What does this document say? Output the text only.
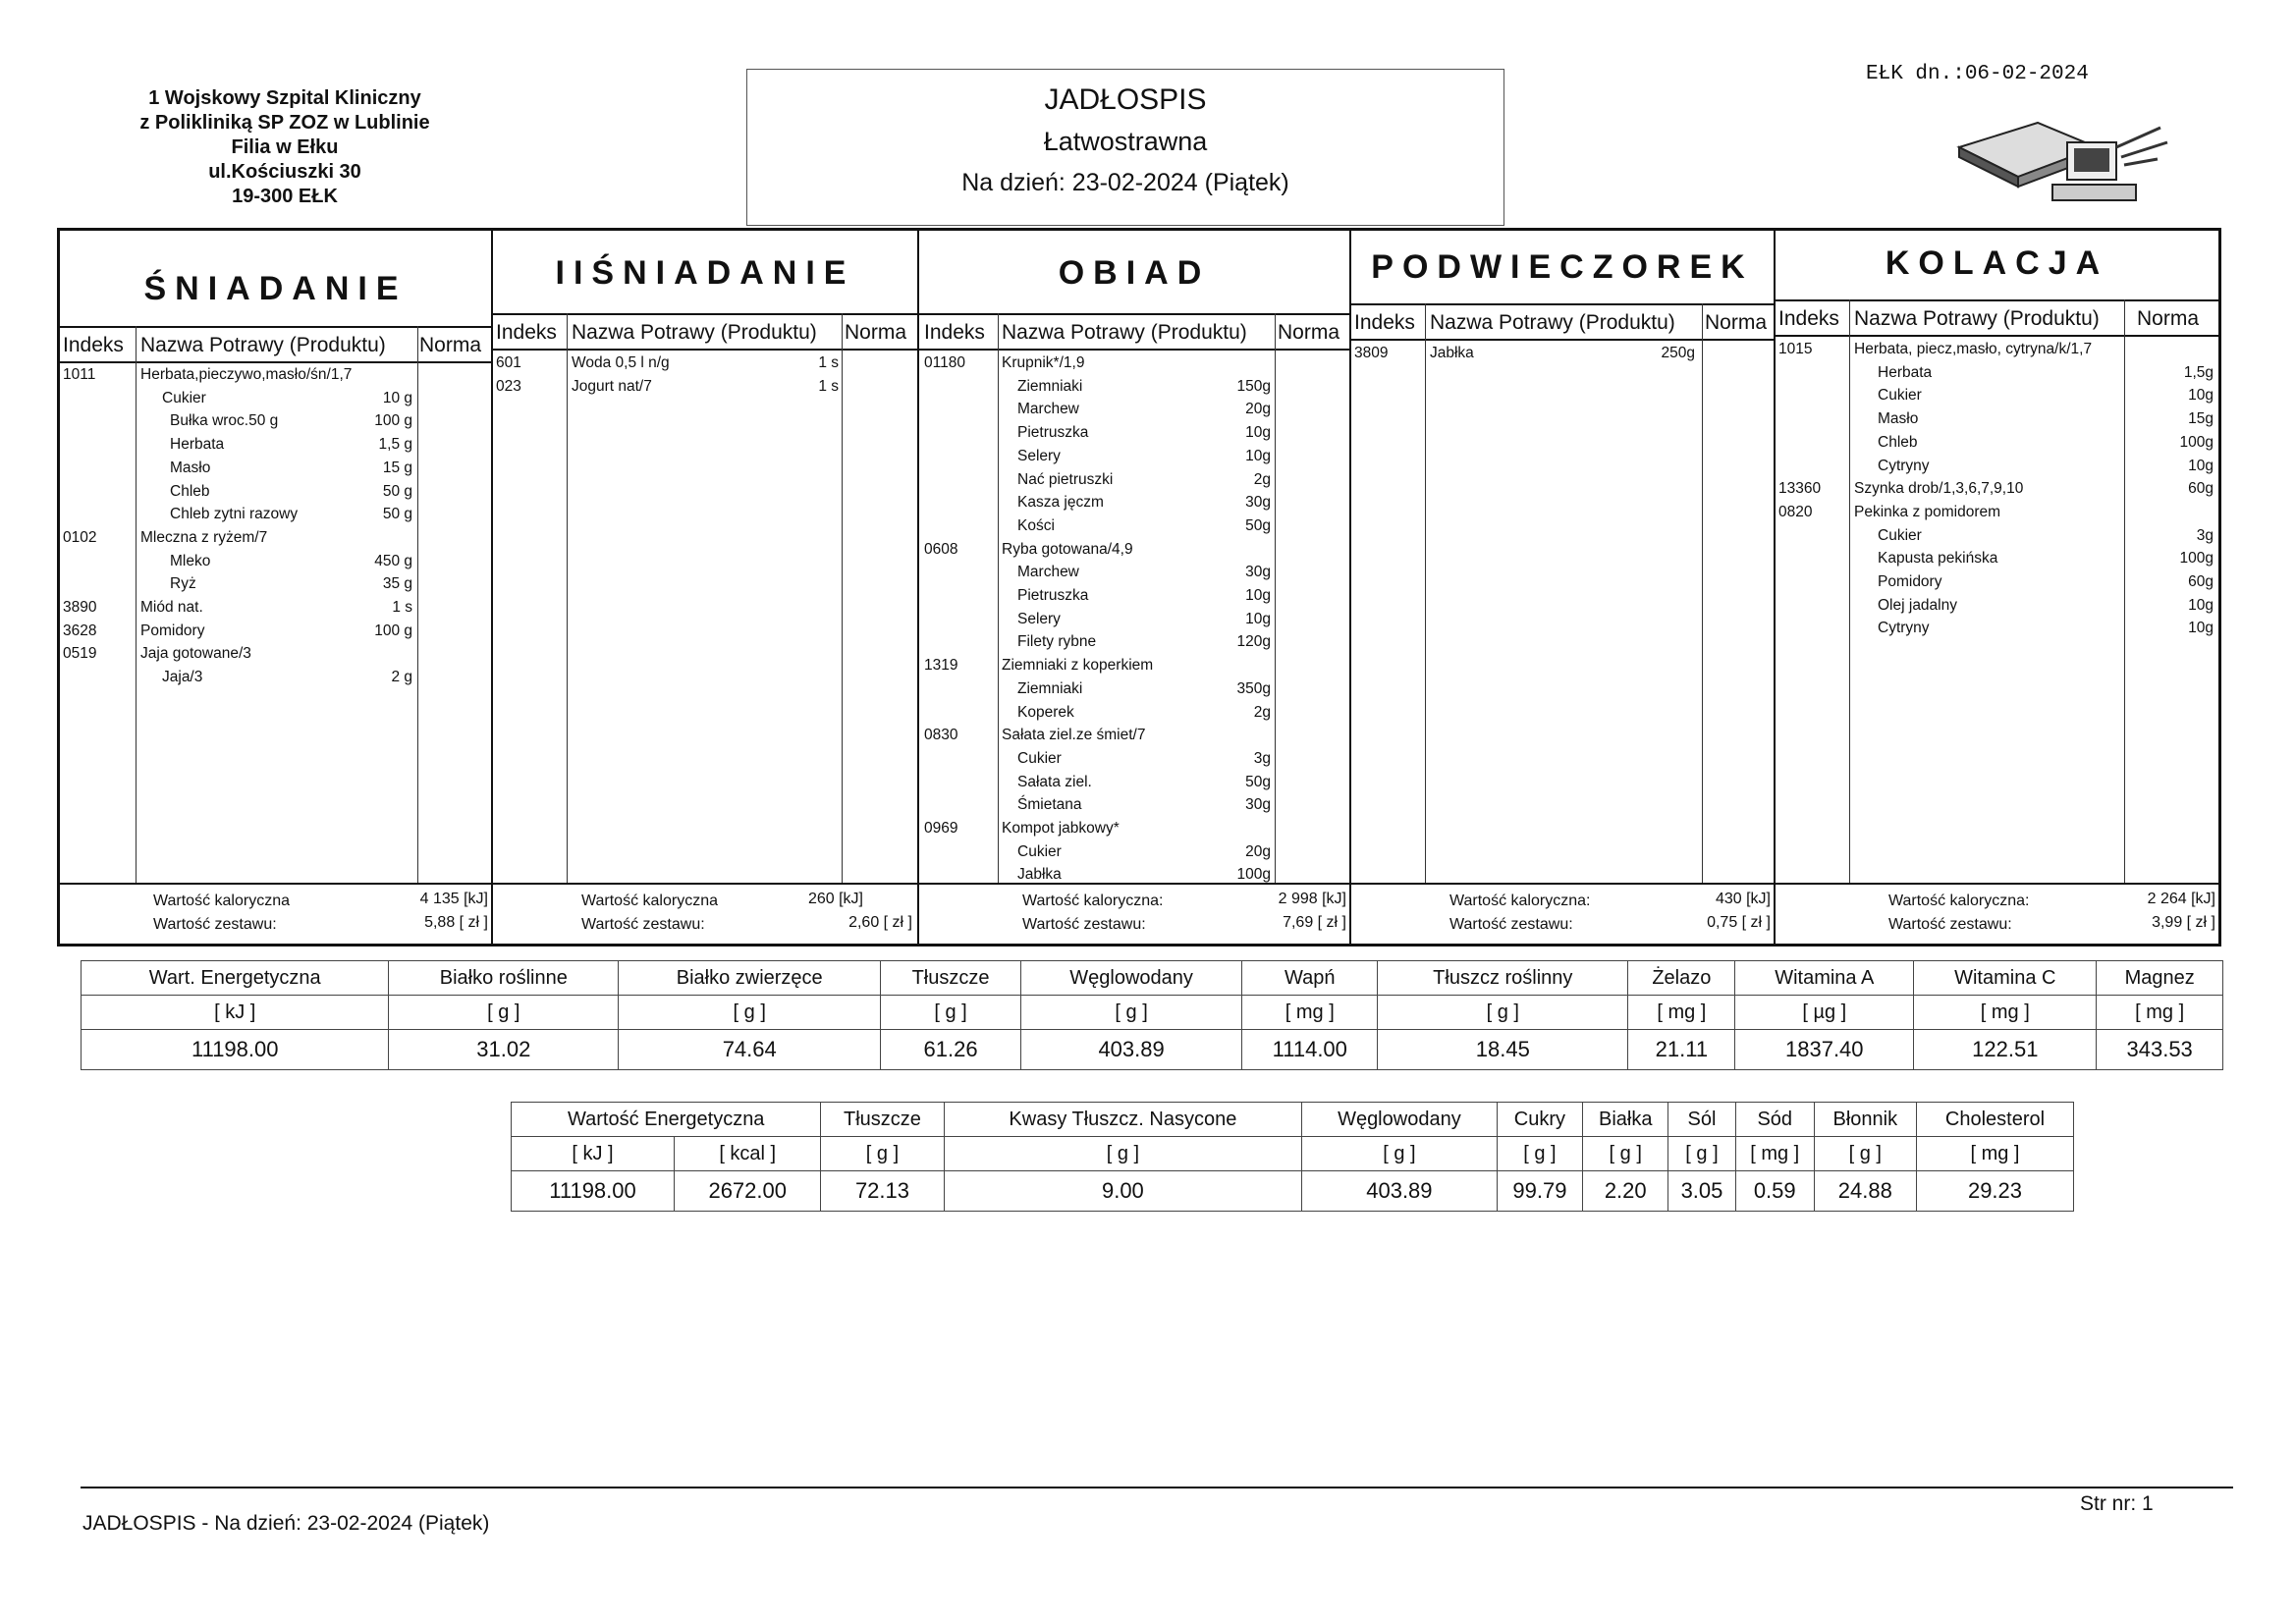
1 Wojskowy Szpital Kliniczny
z Polikliniką SP ZOZ w Lublinie
Filia w Ełku
ul.Kościuszki 30
19-300 EŁK
JADŁOSPIS
Łatwostrawna
Na dzień: 23-02-2024 (Piątek)
EŁK dn.:06-02-2024
ŚNIADANIE
Indeks Nazwa Potrawy (Produktu) Norma
1011	Herbata,pieczywo,masło/śn/1,7
Cukier	10 g
Bułka wroc.50 g	100 g
Herbata	1,5 g
Masło	15 g
Chleb	50 g
Chleb zytni razowy	50 g
0102	Mleczna z ryżem/7
Mleko	450 g
Ryż	35 g
3890	Miód nat.	1 s
3628	Pomidory	100 g
0519	Jaja gotowane/3
Jaja/3	2 g
Wartość kaloryczna	4 135 [kJ]
Wartość zestawu:	5,88 [ zł ]
IIŚNIADANIE
Indeks Nazwa Potrawy (Produktu) Norma
601	Woda 0,5 l n/g	1 s
023	Jogurt nat/7	1 s
Wartość kaloryczna	260 [kJ]
Wartość zestawu:	2,60 [ zł ]
OBIAD
Indeks Nazwa Potrawy (Produktu) Norma
01180 Krupnik*/1,9
Ziemniaki	150g
Marchew	20g
Pietruszka	10g
Selery	10g
Nać pietruszki	2g
Kasza jęczm	30g
Kości	50g
0608	Ryba gotowana/4,9
Marchew	30g
Pietruszka	10g
Selery	10g
Filety rybne	120g
1319	Ziemniaki z koperkiem
Ziemniaki	350g
Koperek	2g
0830	Sałata ziel.ze śmiet/7
Cukier	3g
Sałata ziel.	50g
Śmietana	30g
0969	Kompot jabkowy*
Cukier	20g
Jabłka	100g
Wartość kaloryczna:	2 998 [kJ]
Wartość zestawu:	7,69 [ zł ]
PODWIECZOREK
Indeks Nazwa Potrawy (Produktu) Norma
3809	Jabłka	250g
Wartość kaloryczna:	430 [kJ]
Wartość zestawu:	0,75 [ zł ]
KOLACJA
Indeks Nazwa Potrawy (Produktu) Norma
1015	Herbata, piecz,masło, cytryna/k/1,7
Herbata	1,5g
Cukier	10g
Masło	15g
Chleb	100g
Cytryny	10g
13360 Szynka drob/1,3,6,7,9,10	60g
0820	Pekinka z pomidorem
Cukier	3g
Kapusta pekińska	100g
Pomidory	60g
Olej jadalny	10g
Cytryny	10g
Wartość kaloryczna:	2 264 [kJ]
Wartość zestawu:	3,99 [ zł ]
Wart. Energetyczna	Białko roślinne	Białko zwierzęce	Tłuszcze	Węglowodany	Wapń	Tłuszcz roślinny	Żelazo	Witamina A	Witamina C	Magnez
[ kJ ]	[ g ]	[ g ]	[ g ]	[ g ]	[ mg ]	[ g ]	[ mg ]	[ µg ]	[ mg ]	[ mg ]
11198.00	31.02	74.64	61.26	403.89	1114.00	18.45	21.11	1837.40	122.51	343.53
Wartość Energetyczna		Tłuszcze	Kwasy Tłuszcz. Nasycone	Węglowodany	Cukry	Białka	Sól	Sód	Błonnik	Cholesterol
[ kJ ]	[ kcal ]	[ g ]	[ g ]	[ g ]	[ g ]	[ g ]	[ g ]	[ mg ]	[ g ]	[ mg ]
11198.00	2672.00	72.13	9.00	403.89	99.79	2.20	3.05	0.59	24.88	29.23
JADŁOSPIS - Na dzień: 23-02-2024 (Piątek)
Str nr: 1
